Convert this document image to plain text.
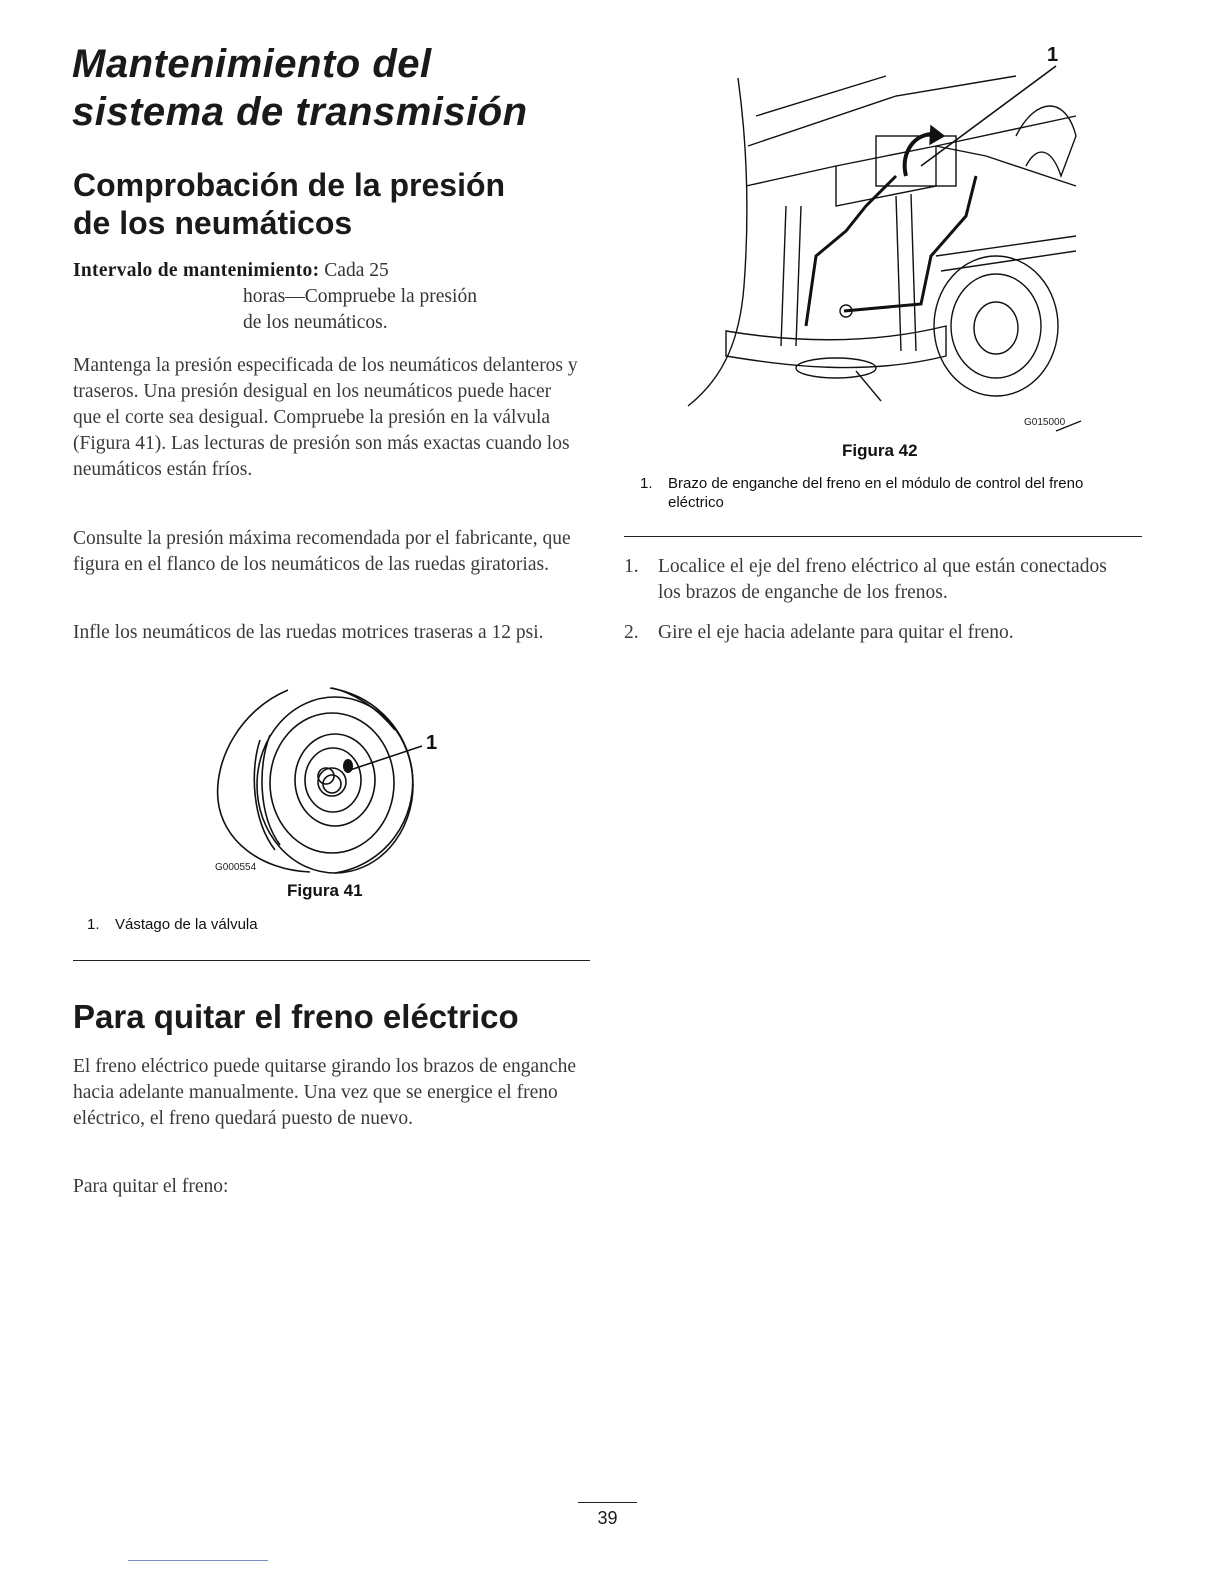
Mantenimiento del
sistema de transmisión
Comprobación de la presión
de los neumáticos
Intervalo de mantenimiento: Cada 25
horas—Compruebe la presión
de los neumáticos.

Mantenga la presión especificada de los neumáticos delanteros y traseros. Una presión desigual en los neumáticos puede hacer que el corte sea desigual. Compruebe la presión en la válvula (Figura 41). Las lecturas de presión son más exactas cuando los neumáticos están fríos.

Consulte la presión máxima recomendada por el fabricante, que figura en el flanco de los neumáticos de las ruedas giratorias.

Infle los neumáticos de las ruedas motrices traseras a 12 psi.

1
G000554
Figura 41
1. Vástago de la válvula
Para quitar el freno eléctrico

El freno eléctrico puede quitarse girando los brazos de enganche hacia adelante manualmente. Una vez que se energice el freno eléctrico, el freno quedará puesto de nuevo.

Para quitar el freno:

1
G015000
Figura 42
1. Brazo de enganche del freno en el módulo de control del freno eléctrico
1. Localice el eje del freno eléctrico al que están conectados los brazos de enganche de los frenos.
2. Gire el eje hacia adelante para quitar el freno.
39
